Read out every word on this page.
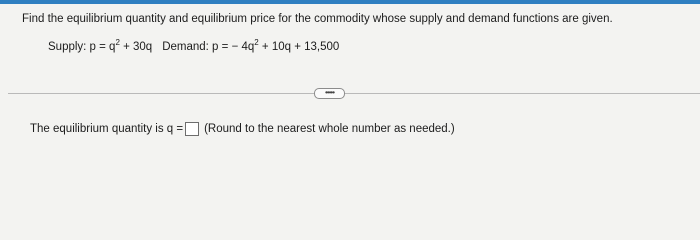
Find the equilibrium quantity and equilibrium price for the commodity whose supply and demand functions are given.
Supply: $p = q^2 + 30q$ Demand: p = − $4q^2 + 10q + 13,500$
•••••
The equilibrium quantity is q = (Round to the nearest whole number as needed.)
